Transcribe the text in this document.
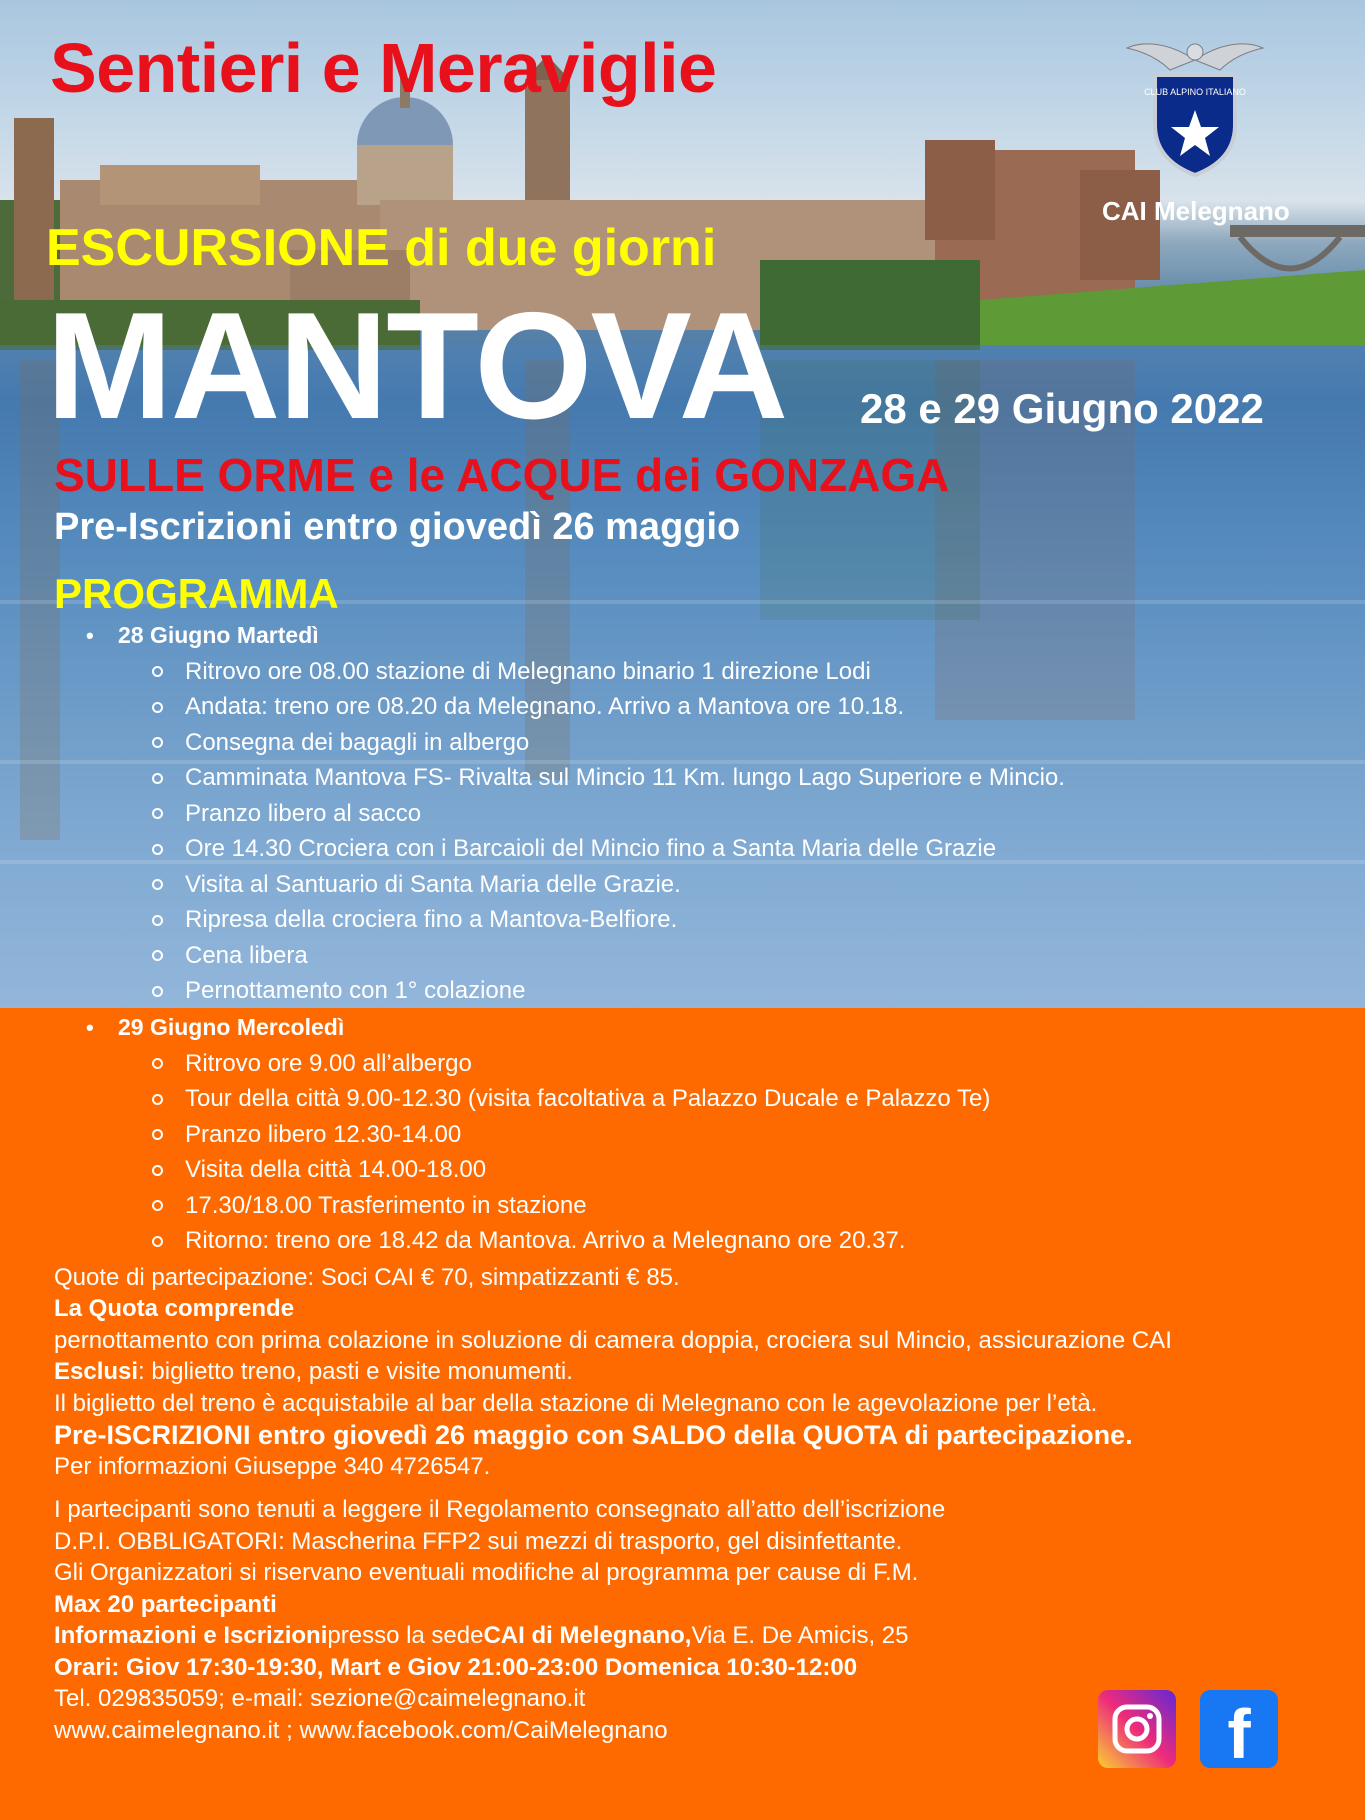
Sentieri e Meraviglie	CLUB ALPINO ITALIANO
CAI Melegnano
ESCURSIONE di due giorni
MANTOVA 28 e 29 Giugno 2022
SULLE ORME e le ACQUE dei GONZAGA
Pre-Iscrizioni entro giovedì 26 maggio
PROGRAMMA
• 28 Giugno Martedì
Ritrovo ore 08.00 stazione di Melegnano binario 1 direzione Lodi
Andata: treno ore 08.20 da Melegnano. Arrivo a Mantova ore 10.18.
Consegna dei bagagli in albergo
Camminata Mantova FS- Rivalta sul Mincio 11 Km. lungo Lago Superiore e Mincio.
Pranzo libero al sacco
Ore 14.30 Crociera con i Barcaioli del Mincio fino a Santa Maria delle Grazie
Visita al Santuario di Santa Maria delle Grazie.
Ripresa della crociera fino a Mantova-Belfiore.
Cena libera
Pernottamento con 1° colazione
• 29 Giugno Mercoledì
Ritrovo ore 9.00 all’albergo
Tour della città 9.00-12.30 (visita facoltativa a Palazzo Ducale e Palazzo Te)
Pranzo libero 12.30-14.00
Visita della città 14.00-18.00
17.30/18.00 Trasferimento in stazione
Ritorno: treno ore 18.42 da Mantova. Arrivo a Melegnano ore 20.37.
Quote di partecipazione: Soci CAI € 70, simpatizzanti € 85.
La Quota comprende
pernottamento con prima colazione in soluzione di camera doppia, crociera sul Mincio, assicurazione CAI
Esclusi : biglietto treno, pasti e visite monumenti.
Il biglietto del treno è acquistabile al bar della stazione di Melegnano con le agevolazione per l’età.
Pre-ISCRIZIONI entro giovedì 26 maggio con SALDO della QUOTA di partecipazione.
Per informazioni Giuseppe 340 4726547.
I partecipanti sono tenuti a leggere il Regolamento consegnato all’atto dell’iscrizione
D.P.I. OBBLIGATORI: Mascherina FFP2 sui mezzi di trasporto, gel disinfettante.
Gli Organizzatori si riservano eventuali modifiche al programma per cause di F.M.
Max 20 partecipanti
Informazioni e Iscrizioni presso la sede CAI di Melegnano, Via E. De Amicis, 25
Orari: Giov 17:30-19:30, Mart e Giov 21:00-23:00 Domenica 10:30-12:00
Tel. 029835059; e-mail: sezione@caimelegnano.it
www.caimelegnano.it ; www.facebook.com/CaiMelegnano	f
